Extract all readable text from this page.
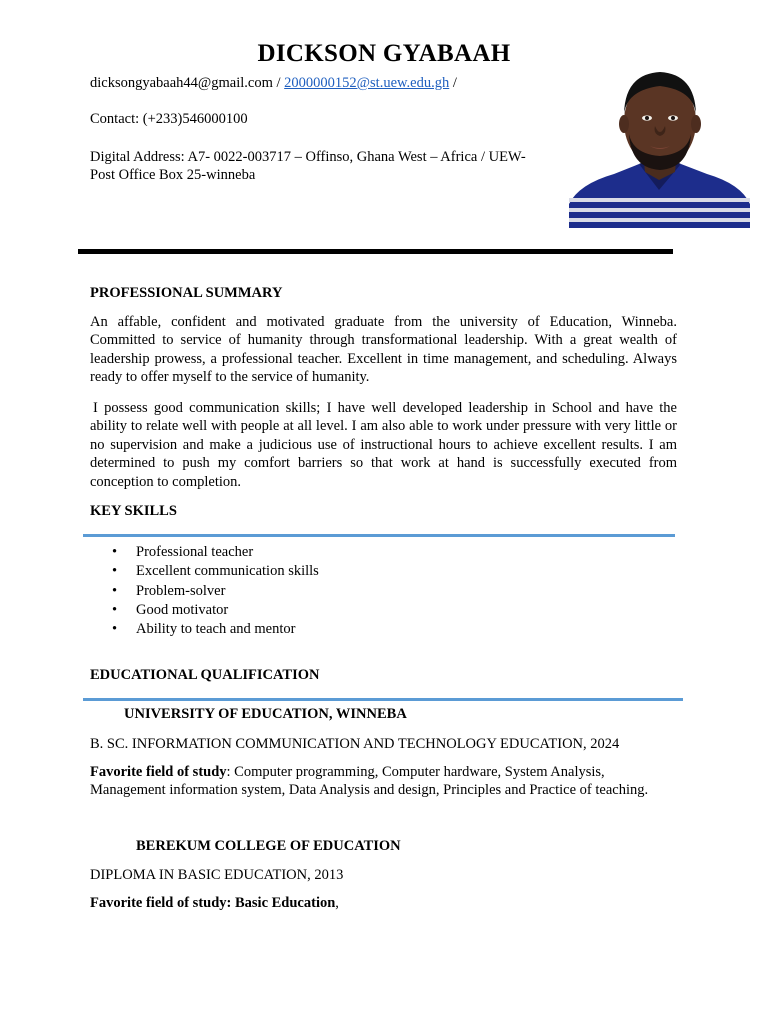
DICKSON GYABAAH
dicksongyabaah44@gmail.com / 2000000152@st.uew.edu.gh /
Contact: (+233)546000100
Digital Address: A7- 0022-003717 – Offinso, Ghana West – Africa / UEW-
Post Office Box 25-winneba
PROFESSIONAL SUMMARY

An affable, confident and motivated graduate from the university of Education, Winneba. Committed to service of humanity through transformational leadership. With a great wealth of leadership prowess, a professional teacher. Excellent in time management, and scheduling. Always ready to offer myself to the service of humanity.

I possess good communication skills; I have well developed leadership in School and have the ability to relate well with people at all level. I am also able to work under pressure with very little or no supervision and make a judicious use of instructional hours to achieve excellent results. I am determined to push my comfort barriers so that work at hand is successfully executed from conception to completion.

KEY SKILLS
• Professional teacher
• Excellent communication skills
• Problem-solver
• Good motivator
• Ability to teach and mentor
EDUCATIONAL QUALIFICATION
UNIVERSITY OF EDUCATION, WINNEBA
B. SC. INFORMATION COMMUNICATION AND TECHNOLOGY EDUCATION, 2024
Favorite field of study: Computer programming, Computer hardware, System Analysis,
Management information system, Data Analysis and design, Principles and Practice of teaching.
BEREKUM COLLEGE OF EDUCATION
DIPLOMA IN BASIC EDUCATION, 2013
Favorite field of study: Basic Education,
